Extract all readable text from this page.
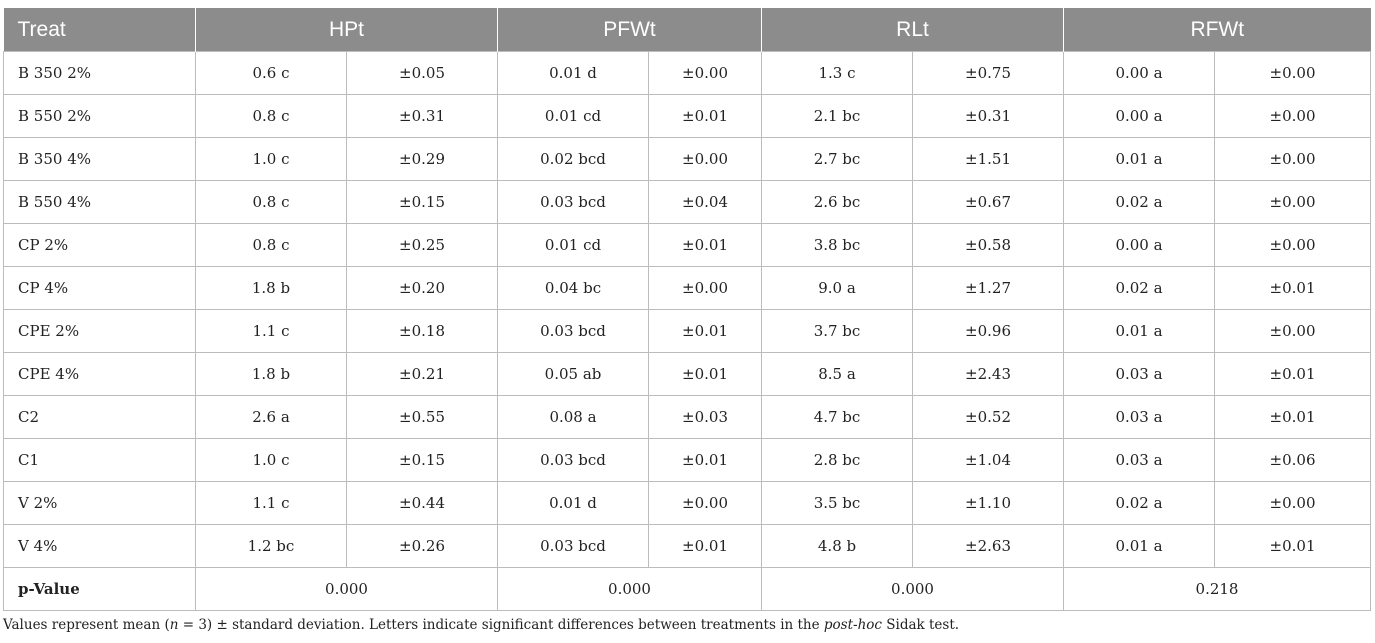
Treat	HPt		PFWt		RLt		RFWt	
B 350 2%	0.6 c	±0.05	0.01 d	±0.00	1.3 c	±0.75	0.00 a	±0.00
B 550 2%	0.8 c	±0.31	0.01 cd	±0.01	2.1 bc	±0.31	0.00 a	±0.00
B 350 4%	1.0 c	±0.29	0.02 bcd	±0.00	2.7 bc	±1.51	0.01 a	±0.00
B 550 4%	0.8 c	±0.15	0.03 bcd	±0.04	2.6 bc	±0.67	0.02 a	±0.00
CP 2%	0.8 c	±0.25	0.01 cd	±0.01	3.8 bc	±0.58	0.00 a	±0.00
CP 4%	1.8 b	±0.20	0.04 bc	±0.00	9.0 a	±1.27	0.02 a	±0.01
CPE 2%	1.1 c	±0.18	0.03 bcd	±0.01	3.7 bc	±0.96	0.01 a	±0.00
CPE 4%	1.8 b	±0.21	0.05 ab	±0.01	8.5 a	±2.43	0.03 a	±0.01
C2	2.6 a	±0.55	0.08 a	±0.03	4.7 bc	±0.52	0.03 a	±0.01
C1	1.0 c	±0.15	0.03 bcd	±0.01	2.8 bc	±1.04	0.03 a	±0.06
V 2%	1.1 c	±0.44	0.01 d	±0.00	3.5 bc	±1.10	0.02 a	±0.00
V 4%	1.2 bc	±0.26	0.03 bcd	±0.01	4.8 b	±2.63	0.01 a	±0.01
p-Value	0.000		0.000		0.000		0.218	
Values represent mean (n = 3) ± standard deviation. Letters indicate significant differences between treatments in the post-hoc Sidak test.
